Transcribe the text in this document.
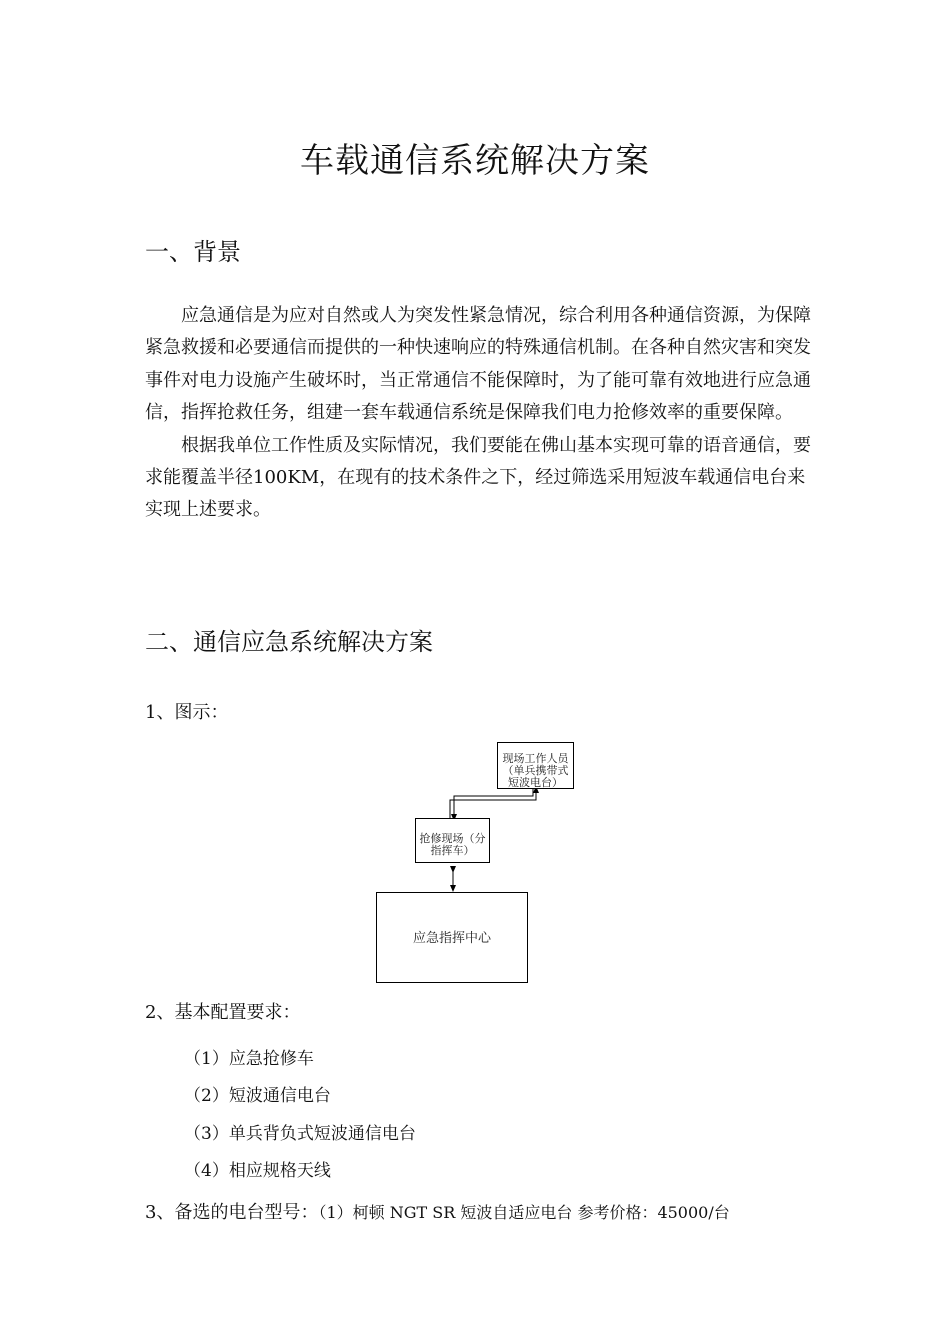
车载通信系统解决方案
一、背景

应急通信是为应对自然或人为突发性紧急情况，综合利用各种通信资源，为保障紧急救援和必要通信而提供的一种快速响应的特殊通信机制。在各种自然灾害和突发事件对电力设施产生破坏时，当正常通信不能保障时，为了能可靠有效地进行应急通信，指挥抢救任务，组建一套车载通信系统是保障我们电力抢修效率的重要保障。

根据我单位工作性质及实际情况，我们要能在佛山基本实现可靠的语音通信，要求能覆盖半径100KM，在现有的技术条件之下，经过筛选采用短波车载通信电台来实现上述要求。

二、通信应急系统解决方案
1、图示：
现场工作人员
（单兵携带式
短波电台）
抢修现场（分
指挥车）
应急指挥中心
2、基本配置要求：
（1）应急抢修车
（2）短波通信电台
（3）单兵背负式短波通信电台
（4）相应规格天线
3、备选的电台型号：（1）柯顿 NGT SR 短波自适应电台 参考价格：45000/台
